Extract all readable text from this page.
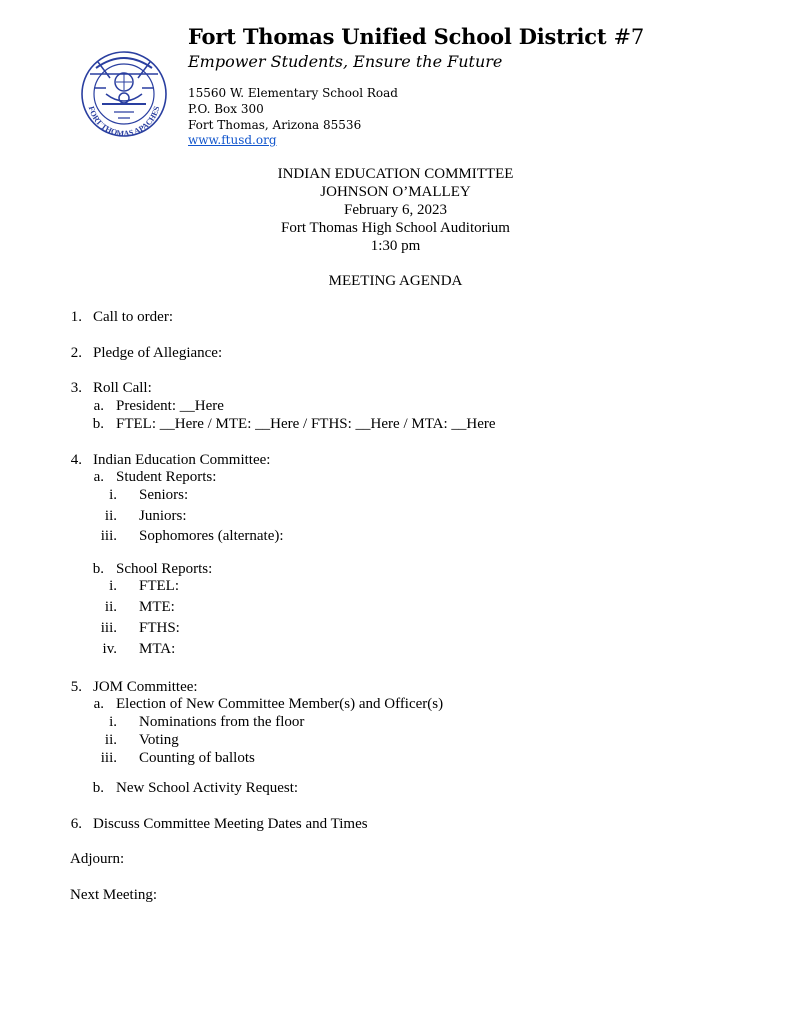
FORT THOMAS APACHES
Fort Thomas Unified School District #7
Empower Students, Ensure the Future
15560 W. Elementary School Road
P.O. Box 300
Fort Thomas, Arizona 85536
www.ftusd.org
INDIAN EDUCATION COMMITTEE
JOHNSON O’MALLEY
February 6, 2023
Fort Thomas High School Auditorium
1:30 pm
MEETING AGENDA
1. Call to order:
2. Pledge of Allegiance:
3. Roll Call:
a. President: __Here
b. FTEL: __Here / MTE: __Here / FTHS: __Here / MTA: __Here
4. Indian Education Committee:
a. Student Reports:
i. Seniors:
ii. Juniors:
iii. Sophomores (alternate):
b. School Reports:
i. FTEL:
ii. MTE:
iii. FTHS:
iv. MTA:
5. JOM Committee:
a. Election of New Committee Member(s) and Officer(s)
i. Nominations from the floor
ii. Voting
iii. Counting of ballots
b. New School Activity Request:
6. Discuss Committee Meeting Dates and Times
Adjourn:
Next Meeting:
